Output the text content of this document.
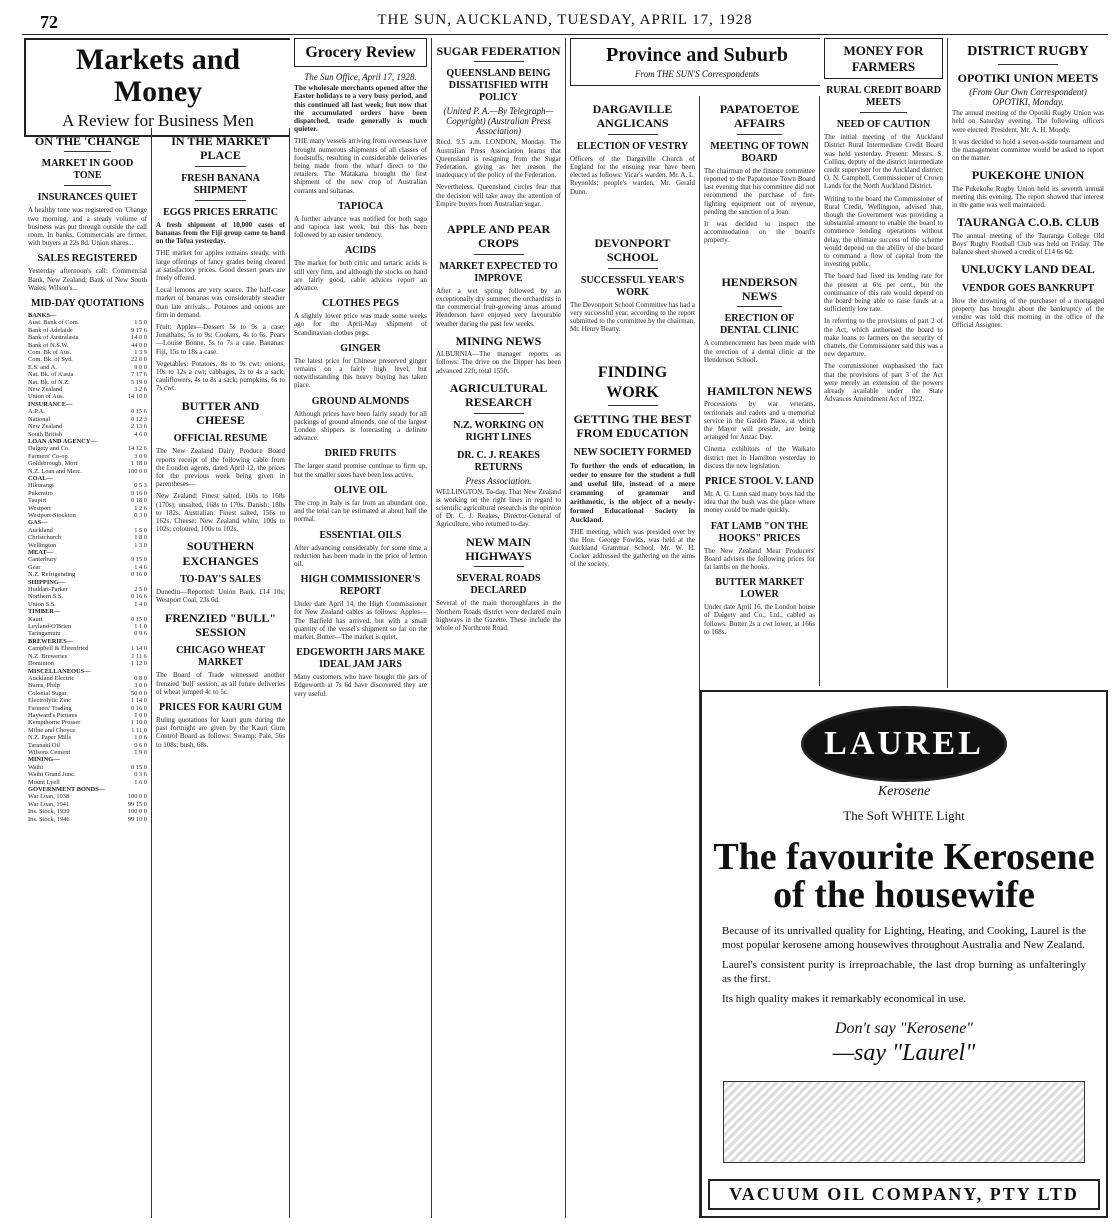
72	THE SUN, AUCKLAND, TUESDAY, APRIL 17, 1928
Markets and Money
A Review for Business Men
ON THE 'CHANGE
MARKET IN GOOD TONE
INSURANCES QUIET

A healthy tone was registered on 'Change two morning, and a steady volume of business was put through outside the call room. In banks, Commercials are firmer, with buyers at 22s 8d. Union shares...

SALES REGISTERED

Yesterday afternoon's call: Commercial Bank, New Zealand; Bank of New South Wales; Wilson's...

MID-DAY QUOTATIONS
BANKS—
Aust. Bank of Com.	1 5 0
Bank of Adelaide	9 17 6
Bank of Australasia	14 0 0
Bank of N.S.W.	44 0 0
Com. Bk of Aus.	1 3 9
Com. Bk. of Syd.	22 0 0
E.S. and A.	9 0 0
Nat. Bk. of A'asia	7 17 6
Nat. Bk. of N.Z.	5 19 0
New Zealand	3 2 6
Union of Aus.	14 10 0
INSURANCE—
A.P.A.	0 15 6
National	0 12 3
New Zealand	2 13 6
South British	4 6 0
LOAN AND AGENCY—
Dalgety and Co.	14 12 6
Farmers' Co-op.	3 0 0
Goldsbrough, Mort	1 18 0
N.Z. Loan and Merc.	100 0 0
COAL—
Hikurangi	0 5 3
Pukemiro	0 16 0
Taupiri	0 18 0
Westport	1 2 6
Westport-Stockton	0 3 0
GAS—
Auckland	1 5 0
Christchurch	1 8 0
Wellington	1 3 0
MEAT—
Canterbury	9 15 0
Gear	1 4 6
N.Z. Refrigerating	0 16 0
SHIPPING—
Huddart-Parker	2 5 0
Northern S.S.	0 16 6
Union S.S.	1 4 0
TIMBER—
Kauri	0 15 0
Leyland-O'Brien	1 1 0
Taringamutu	0 9 6
BREWERIES—
Campbell & Ehrenfried	1 14 0
N.Z. Breweries	1 11 6
Dominion	1 12 0
MISCELLANEOUS—
Auckland Electric	0 8 0
Burns, Philp	3 0 0
Colonial Sugar	50 0 0
Electrolytic Zinc	1 14 0
Farmers' Trading	0 16 0
Hayward's Pictures	1 0 0
Kempthorne Prosser	1 10 0
Milne and Choyce	1 11 0
N.Z. Paper Mills	1 0 6
Taranaki Oil	0 6 0
Wilsons Cement	1 9 0
MINING—
Waihi	0 15 0
Waihi Grand Junc.	0 3 6
Mount Lyell	1 6 0
GOVERNMENT BONDS—
War Loan, 1938	100 0 0
War Loan, 1941	99 15 0
Ins. Stock, 1939	100 0 0
Ins. Stock, 1946	99 10 0
IN THE MARKET PLACE
FRESH BANANA SHIPMENT
EGGS PRICES ERRATIC

A fresh shipment of 10,000 cases of bananas from the Fiji group came to hand on the Tofua yesterday.

THE market for apples remains steady, with large offerings of fancy grades being cleared at satisfactory prices. Good dessert pears are freely offered.

Local lemons are very scarce. The half-case market of bananas was considerably steadier than late arrivals... Potatoes and onions are firm in demand.

Fruit: Apples—Dessert 5s to 9s a case; Jonathans, 5s to 9s; Cookers, 4s to 6s. Pears—Louise Bonne, 5s to 7s a case. Bananas: Fiji, 15s to 18s a case.

Vegetables: Potatoes, 8s to 9s cwt; onions, 10s to 12s a cwt; cabbages, 2s to 4s a sack; cauliflowers, 4s to 8s a sack; pumpkins, 6s to 7s cwt.

BUTTER AND CHEESE
OFFICIAL RESUME

The New Zealand Dairy Produce Board reports receipt of the following cable from the London agents, dated April 12, the prices for the previous week being given in parentheses—

New Zealand: Finest salted, 160s to 168s (170s); unsalted, 168s to 170s. Danish: 180s to 182s. Australian: Finest salted, 156s to 162s. Cheese: New Zealand white, 100s to 102s; coloured, 100s to 102s.

SOUTHERN EXCHANGES
TO-DAY'S SALES

Dunedin—Reported: Union Bank, £14 10s; Westport Coal, 23s 6d.

FRENZIED "BULL" SESSION
CHICAGO WHEAT MARKET

The Board of Trade witnessed another frenzied 'bull' session, as all future deliveries of wheat jumped 4c to 5c.

PRICES FOR KAURI GUM

Ruling quotations for kauri gum during the past fortnight are given by the Kauri Gum Control Board as follows: Swamp: Pale, 56s to 108s; bush, 68s.

Grocery Review
The Sun Office, April 17, 1928.

The wholesale merchants opened after the Easter holidays to a very busy period, and this continued all last week; but now that the accumulated orders have been dispatched, trade generally is much quieter.

THE many vessels arriving from overseas have brought numerous shipments of all classes of foodstuffs, resulting in considerable deliveries being made from the wharf direct to the retailers. The Matakana brought the first shipment of the new crop of Australian currants and sultanas.

TAPIOCA

A further advance was notified for both sago and tapioca last week, but this has been followed by an easier tendency.

ACIDS

The market for both citric and tartaric acids is still very firm, and although the stocks on hand are fairly good, cable advices report an advance.

CLOTHES PEGS

A slightly lower price was made some weeks ago for the April-May shipment of Scandinavian clothes pegs.

GINGER

The latest price for Chinese preserved ginger remains on a fairly high level, but notwithstanding this heavy buying has taken place.

GROUND ALMONDS

Although prices have been fairly steady for all packings of ground almonds, one of the largest London shippers is forecasting a definite advance.

DRIED FRUITS

The larger stand promise continue to firm up, but the smaller sizes have been less active.

OLIVE OIL

The crop in Italy is far from an abundant one, and the total can be estimated at about half the normal.

ESSENTIAL OILS

After advancing considerably for some time a reduction has been made in the price of lemon oil.

HIGH COMMISSIONER'S REPORT

Under date April 14, the High Commissioner for New Zealand cables as follows: Apples—The Barfield has arrived, but with a small quantity of the vessel's shipment so far on the market. Butter—The market is quiet.

EDGEWORTH JARS MAKE IDEAL JAM JARS

Many customers who have bought the jars of Edgeworth at 7s 6d have discovered they are very useful.

SUGAR FEDERATION
QUEENSLAND BEING DISSATISFIED WITH POLICY
(United P. A.—By Telegraph—Copyright) (Australian Press Association)

Recd. 9.5 a.m. LONDON, Monday. The Australian Press Association learns that Queensland is resigning from the Sugar Federation, giving as her reason the inadequacy of the policy of the Federation.

Nevertheless, Queensland circles fear that the decision will take away the attention of Empire buyers from Australian sugar.

APPLE AND PEAR CROPS
MARKET EXPECTED TO IMPROVE

After a wet spring followed by an exceptionally dry summer, the orchardists in the commercial fruit-growing areas around Henderson have enjoyed very favourable weather during the past few weeks.

MINING NEWS

ALBURNIA—The manager reports as follows: The drive on the Dipper has been advanced 22ft, total 155ft.

AGRICULTURAL RESEARCH
N.Z. WORKING ON RIGHT LINES
DR. C. J. REAKES RETURNS
Press Association.

WELLINGTON, To-day. That New Zealand is working on the right lines in regard to scientific agricultural research is the opinion of Dr. C. J. Reakes, Director-General of Agriculture, who returned to-day.

NEW MAIN HIGHWAYS
SEVERAL ROADS DECLARED

Several of the main thoroughfares in the Northern Roads district were declared main highways in the Gazette. These include the whole of Northcote Road.

Province and Suburb
From THE SUN'S Correspondents
DARGAVILLE ANGLICANS
ELECTION OF VESTRY

Officers of the Dargaville Church of England for the ensuing year have been elected as follows: Vicar's warden, Mr. A. L. Reynolds; people's warden, Mr. Gerald Dunn.

DEVONPORT SCHOOL
SUCCESSFUL YEAR'S WORK

The Devonport School Committee has had a very successful year, according to the report submitted to the committee by the chairman, Mr. Henry Beatty.

FINDING WORK
GETTING THE BEST FROM EDUCATION
NEW SOCIETY FORMED

To further the ends of education, in order to ensure for the student a full and useful life, instead of a mere cramming of grammar and arithmetic, is the object of a newly-formed Educational Society in Auckland.

THE meeting, which was presided over by the Hon. George Fowlds, was held at the Auckland Grammar School. Mr. W. H. Cocker addressed the gathering on the aims of the society.

PAPATOETOE AFFAIRS
MEETING OF TOWN BOARD

The chairman of the finance committee reported to the Papatoetoe Town Board last evening that his committee did not recommend the purchase of fire-fighting equipment out of revenue, pending the sanction of a loan.

It was decided to inspect the accommodation on the board's property.

HENDERSON NEWS
ERECTION OF DENTAL CLINIC

A commencement has been made with the erection of a dental clinic at the Henderson School.

HAMILTON NEWS

Processions by war veterans, territorials and cadets and a memorial service in the Garden Place, at which the Mayor will preside, are being arranged for Anzac Day.

Cinema exhibitors of the Waikato district met in Hamilton yesterday to discuss the new legislation.

PRICE STOOL V. LAND

Mr. A. G. Lunn said many boys had the idea that the bush was the place where money could be made quickly.

FAT LAMB "ON THE HOOKS" PRICES

The New Zealand Meat Producers' Board advises the following prices for fat lambs on the hooks.

BUTTER MARKET LOWER

Under date April 16, the London house of Dalgety and Co., Ltd., cabled as follows: Butter 2s a cwt lower, at 166s to 168s.

MONEY FOR FARMERS
RURAL CREDIT BOARD MEETS
NEED OF CAUTION

The initial meeting of the Auckland District Rural Intermediate Credit Board was held yesterday. Present: Messrs. S. Collins, deputy of the district intermediate credit supervisor for the Auckland district; O. N. Campbell, Commissioner of Crown Lands for the North Auckland District.

Writing to the board the Commissioner of Rural Credit, Wellington, advised that, though the Government was providing a substantial amount to enable the board to commence lending operations without delay, the ultimate success of the scheme would depend on the ability of the board to command a flow of capital from the investing public.

The board had fixed its lending rate for the present at 6½ per cent., but the continuance of this rate would depend on the board being able to raise funds at a sufficiently low rate.

In referring to the provisions of part 2 of the Act, which authorised the board to make loans to farmers on the security of chattels, the Commissioner said this was a new departure.

The commissioner emphasised the fact that the provisions of part 3 of the Act were merely an extension of the powers already available under the State Advances Amendment Act of 1922.

DISTRICT RUGBY
OPOTIKI UNION MEETS
(From Our Own Correspondent) OPOTIKI, Monday.

The annual meeting of the Opotiki Rugby Union was held on Saturday evening. The following officers were elected: President, Mr. A. H. Moody.

It was decided to hold a seven-a-side tournament and the management committee would be asked to report on the matter.

PUKEKOHE UNION

The Pukekohe Rugby Union held its seventh annual meeting this evening. The report showed that interest in the game was well maintained.

TAURANGA C.O.B. CLUB

The annual meeting of the Tauranga College Old Boys' Rugby Football Club was held on Friday. The balance sheet showed a credit of £14 6s 6d.

UNLUCKY LAND DEAL
VENDOR GOES BANKRUPT

How the drowning of the purchaser of a mortgaged property has brought about the bankruptcy of the vendor was told this morning in the office of the Official Assignee.

LAUREL
Kerosene
The Soft WHITE Light
The favourite Kerosene of the housewife
Because of its unrivalled quality for Lighting, Heating, and Cooking, Laurel is the most popular kerosene among housewives throughout Australia and New Zealand.
Laurel's consistent purity is irreproachable, the last drop burning as unfalteringly as the first.
Its high quality makes it remarkably economical in use.
Don't say "Kerosene"
—say "Laurel"
VACUUM OIL COMPANY, PTY LTD
